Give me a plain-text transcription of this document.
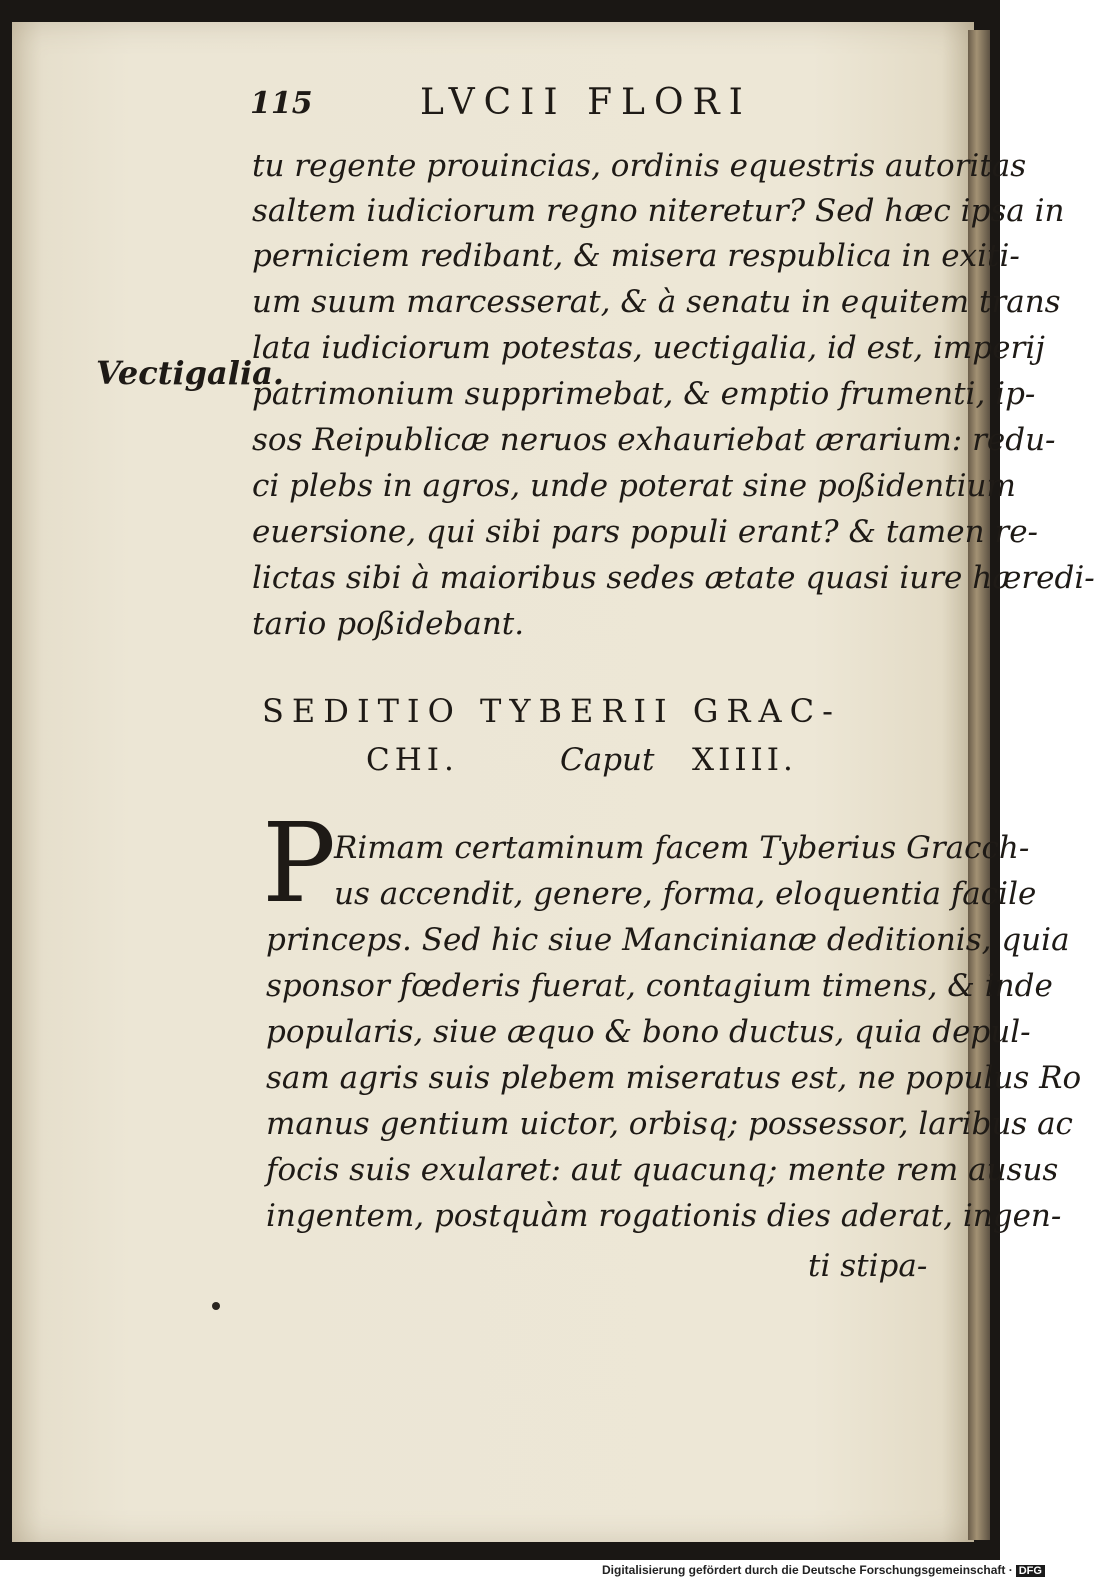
115	LVCII FLORI
Vectigalia.
tu regente prouincias, ordinis equestris autoritas
saltem iudiciorum regno niteretur? Sed hæc ipsa in
perniciem redibant, & misera respublica in exiti-
um suum marcesserat, & à senatu in equitem trans
lata iudiciorum potestas, uectigalia, id est, imperij
patrimonium supprimebat, & emptio frumenti, ip-
sos Reipublicæ neruos exhauriebat ærarium: redu-
ci plebs in agros, unde poterat sine poßidentium
euersione, qui sibi pars populi erant? & tamen re-
lictas sibi à maioribus sedes ætate quasi iure hæredi-
tario poßidebant.
SEDITIO TYBERII GRAC-
CHI.	Caput XIIII.
P
Rimam certaminum facem Tyberius Gracch-
us accendit, genere, forma, eloquentia facile
princeps. Sed hic siue Mancinianæ deditionis, quia
sponsor fœderis fuerat, contagium timens, & inde
popularis, siue æquo & bono ductus, quia depul-
sam agris suis plebem miseratus est, ne populus Ro
manus gentium uictor, orbisq; possessor, laribus ac
focis suis exularet: aut quacunq; mente rem ausus
ingentem, postquàm rogationis dies aderat, ingen-
ti stipa-
Digitalisierung gefördert durch die Deutsche Forschungsgemeinschaft · DFG
